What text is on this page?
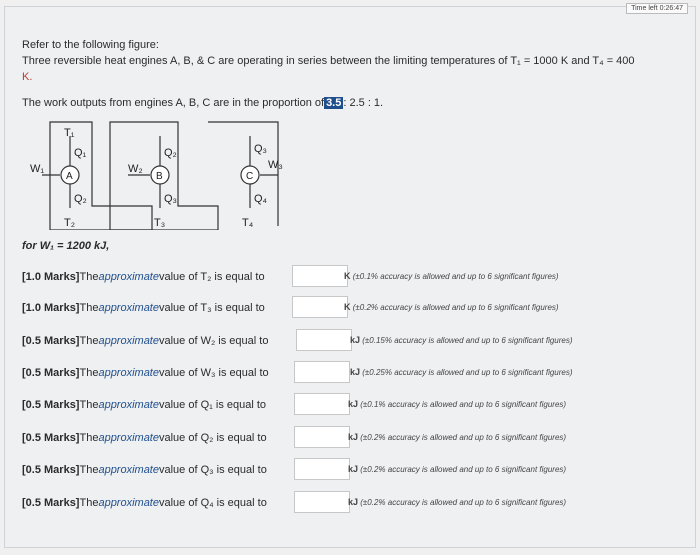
Time left 0:26:47
Refer to the following figure:
Three reversible heat engines A, B, & C are operating in series between the limiting temperatures of T₁ = 1000 K and T₄ = 400
K.
The work outputs from engines A, B, C are in the proportion of 3.5 : 2.5 : 1.
T₁
T₂	T₃	T₄
A	B	C
Q₁
Q₂
Q₂
Q₃
Q₃
Q₄
W₁	W₂	W₃
for W₁ = 1200 kJ,
[1.0 Marks] The approximate value of T₂ is equal to	K (±0.1% accuracy is allowed and up to 6 significant figures)
[1.0 Marks] The approximate value of T₃ is equal to	K (±0.2% accuracy is allowed and up to 6 significant figures)
[0.5 Marks] The approximate value of W₂ is equal to	kJ (±0.15% accuracy is allowed and up to 6 significant figures)
[0.5 Marks] The approximate value of W₃ is equal to	kJ (±0.25% accuracy is allowed and up to 6 significant figures)
[0.5 Marks] The approximate value of Q₁ is equal to	kJ (±0.1% accuracy is allowed and up to 6 significant figures)
[0.5 Marks] The approximate value of Q₂ is equal to	kJ (±0.2% accuracy is allowed and up to 6 significant figures)
[0.5 Marks] The approximate value of Q₃ is equal to	kJ (±0.2% accuracy is allowed and up to 6 significant figures)
[0.5 Marks] The approximate value of Q₄ is equal to	kJ (±0.2% accuracy is allowed and up to 6 significant figures)
